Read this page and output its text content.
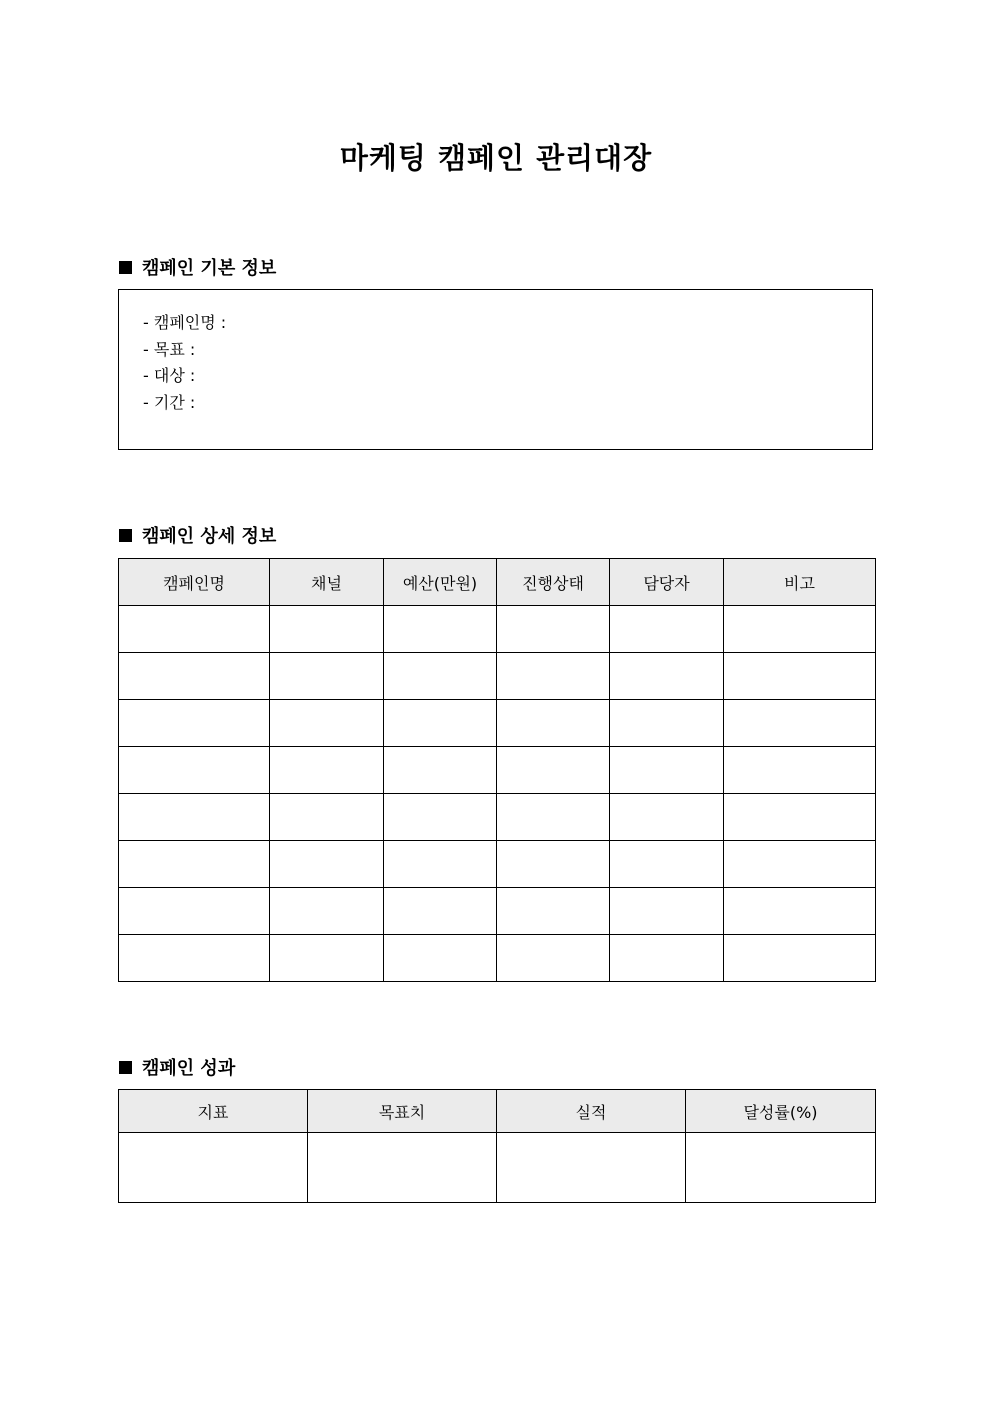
마케팅 캠페인 관리대장
캠페인 기본 정보
- 캠페인명 :
- 목표 :
- 대상 :
- 기간 :
캠페인 상세 정보
캠페인명	채널	예산(만원)	진행상태	담당자	비고

캠페인 성과
지표	목표치	실적	달성률(%)
